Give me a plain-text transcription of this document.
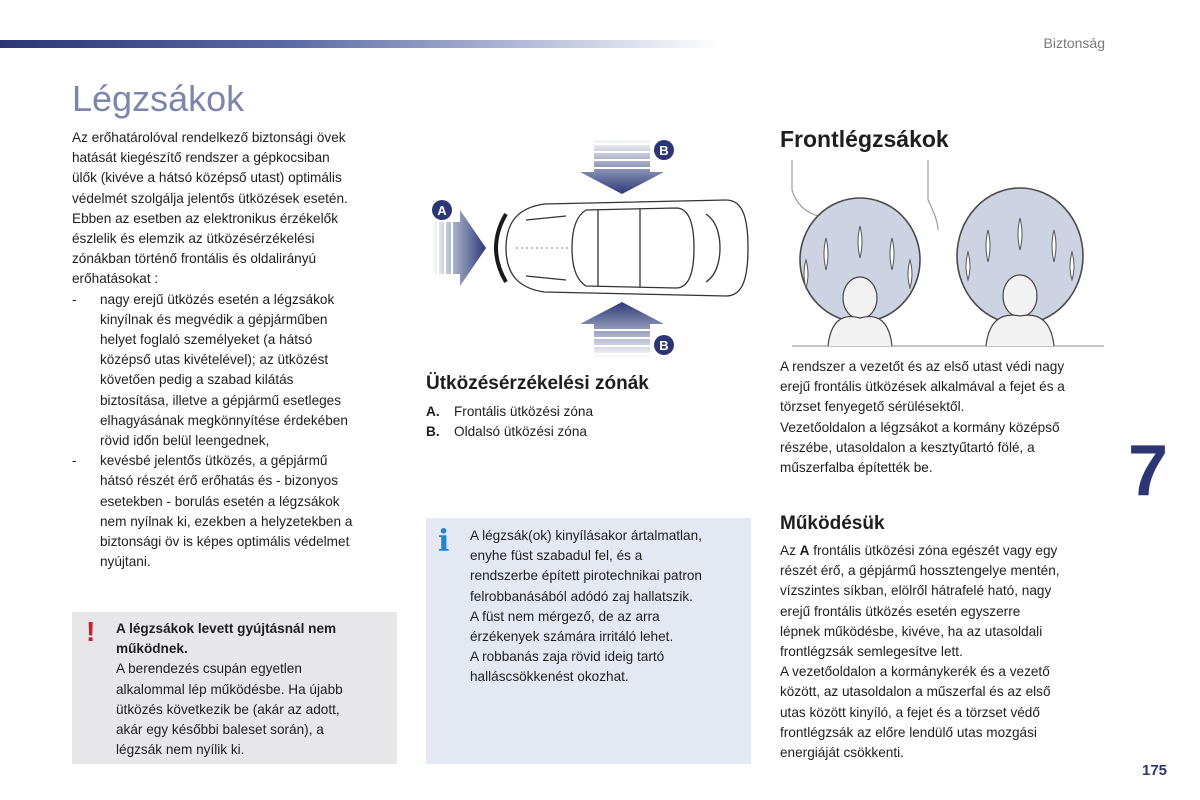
Biztonság
Légzsákok
Az erőhatárolóval rendelkező biztonsági övek
hatását kiegészítő rendszer a gépkocsiban
ülők (kivéve a hátsó középső utast) optimális
védelmét szolgálja jelentős ütközések esetén.
Ebben az esetben az elektronikus érzékelők
észlelik és elemzik az ütközésérzékelési
zónákban történő frontális és oldalirányú
erőhatásokat :
- nagy erejű ütközés esetén a légzsákok
kinyílnak és megvédik a gépjárműben
helyet foglaló személyeket (a hátsó
középső utas kivételével); az ütközést
követően pedig a szabad kilátás
biztosítása, illetve a gépjármű esetleges
elhagyásának megkönnyítése érdekében
rövid időn belül leengednek,
- kevésbé jelentős ütközés, a gépjármű
hátsó részét érő erőhatás és - bizonyos
esetekben - borulás esetén a légzsákok
nem nyílnak ki, ezekben a helyzetekben a
biztonsági öv is képes optimális védelmet
nyújtani.
! A légzsákok levett gyújtásnál nem
működnek.
A berendezés csupán egyetlen
alkalommal lép működésbe. Ha újabb
ütközés következik be (akár az adott,
akár egy későbbi baleset során), a
légzsák nem nyílik ki.
B
B
A
Ütközésérzékelési zónák
A. Frontális ütközési zóna
B. Oldalsó ütközési zóna
i A légzsák(ok) kinyílásakor ártalmatlan,
enyhe füst szabadul fel, és a
rendszerbe épített pirotechnikai patron
felrobbanásából adódó zaj hallatszik.
A füst nem mérgező, de az arra
érzékenyek számára irritáló lehet.
A robbanás zaja rövid ideig tartó
halláscsökkenést okozhat.
Frontlégzsákok
A rendszer a vezetőt és az első utast védi nagy
erejű frontális ütközések alkalmával a fejet és a
törzset fenyegető sérülésektől.
Vezetőoldalon a légzsákot a kormány középső
részébe, utasoldalon a kesztyűtartó fölé, a
műszerfalba építették be.
Működésük
Az A frontális ütközési zóna egészét vagy egy
részét érő, a gépjármű hossztengelye mentén,
vízszintes síkban, elölről hátrafelé ható, nagy
erejű frontális ütközés esetén egyszerre
lépnek működésbe, kivéve, ha az utasoldali
frontlégzsák semlegesítve lett.
A vezetőoldalon a kormánykerék és a vezető
között, az utasoldalon a műszerfal és az első
utas között kinyíló, a fejet és a törzset védő
frontlégzsák az előre lendülő utas mozgási
energiáját csökkenti.
7
175
